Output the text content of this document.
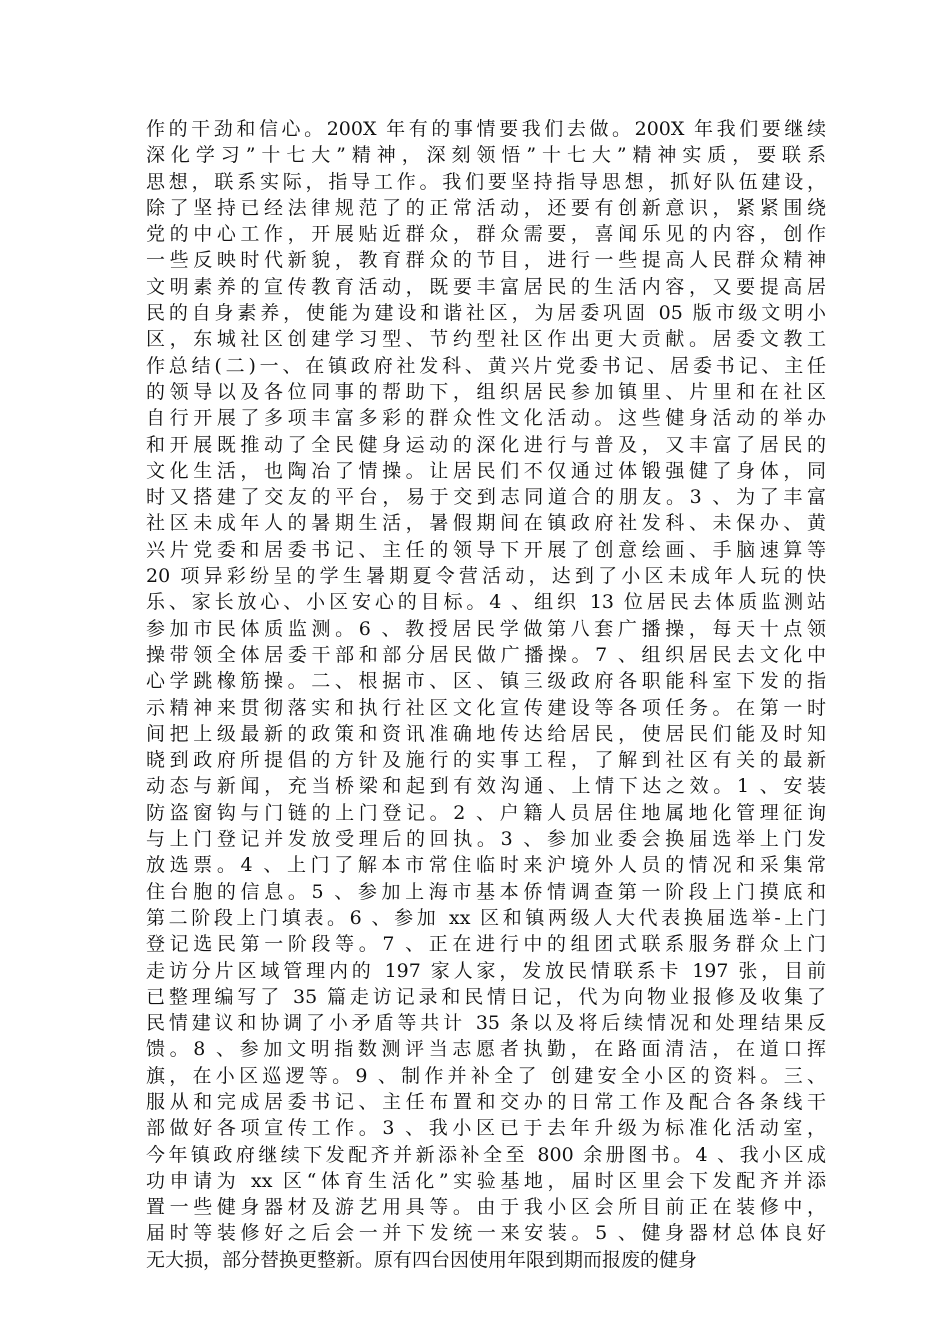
作的干劲和信心。200X 年有的事情要我们去做。200X 年我们要继续
深化学习”十七大”精神，深刻领悟”十七大”精神实质，要联系
思想，联系实际，指导工作。我们要坚持指导思想，抓好队伍建设，
除了坚持已经法律规范了的正常活动，还要有创新意识，紧紧围绕
党的中心工作，开展贴近群众，群众需要，喜闻乐见的内容，创作
一些反映时代新貌，教育群众的节目，进行一些提高人民群众精神
文明素养的宣传教育活动，既要丰富居民的生活内容，又要提高居
民的自身素养，使能为建设和谐社区，为居委巩固 05 版市级文明小
区，东城社区创建学习型、节约型社区作出更大贡献。居委文教工
作总结(二)一、在镇政府社发科、黄兴片党委书记、居委书记、主任
的领导以及各位同事的帮助下，组织居民参加镇里、片里和在社区
自行开展了多项丰富多彩的群众性文化活动。这些健身活动的举办
和开展既推动了全民健身运动的深化进行与普及，又丰富了居民的
文化生活，也陶冶了情操。让居民们不仅通过体锻强健了身体，同
时又搭建了交友的平台，易于交到志同道合的朋友。3 、为了丰富
社区未成年人的暑期生活，暑假期间在镇政府社发科、未保办、黄
兴片党委和居委书记、主任的领导下开展了创意绘画、手脑速算等
20 项异彩纷呈的学生暑期夏令营活动，达到了小区未成年人玩的快
乐、家长放心、小区安心的目标。4 、组织 13 位居民去体质监测站
参加市民体质监测。6 、教授居民学做第八套广播操，每天十点领
操带领全体居委干部和部分居民做广播操。7 、组织居民去文化中
心学跳橡筋操。二、根据市、区、镇三级政府各职能科室下发的指
示精神来贯彻落实和执行社区文化宣传建设等各项任务。在第一时
间把上级最新的政策和资讯准确地传达给居民，使居民们能及时知
晓到政府所提倡的方针及施行的实事工程，了解到社区有关的最新
动态与新闻，充当桥梁和起到有效沟通、上情下达之效。1 、安装
防盗窗钩与门链的上门登记。2 、户籍人员居住地属地化管理征询
与上门登记并发放受理后的回执。3 、参加业委会换届选举上门发
放选票。4 、上门了解本市常住临时来沪境外人员的情况和采集常
住台胞的信息。5 、参加上海市基本侨情调查第一阶段上门摸底和
第二阶段上门填表。6 、参加 xx 区和镇两级人大代表换届选举-上门
登记选民第一阶段等。7 、正在进行中的组团式联系服务群众上门
走访分片区域管理内的 197 家人家，发放民情联系卡 197 张，目前
已整理编写了 35 篇走访记录和民情日记，代为向物业报修及收集了
民情建议和协调了小矛盾等共计 35 条以及将后续情况和处理结果反
馈。8 、参加文明指数测评当志愿者执勤，在路面清洁，在道口挥
旗，在小区巡逻等。9 、制作并补全了 创建安全小区的资料。三、
服从和完成居委书记、主任布置和交办的日常工作及配合各条线干
部做好各项宣传工作。3 、我小区已于去年升级为标准化活动室，
今年镇政府继续下发配齐并新添补全至 800 余册图书。4 、我小区成
功申请为 xx 区“体育生活化”实验基地，届时区里会下发配齐并添
置一些健身器材及游艺用具等。由于我小区会所目前正在装修中，
届时等装修好之后会一并下发统一来安装。5 、健身器材总体良好
无大损，部分替换更整新。原有四台因使用年限到期而报废的健身
